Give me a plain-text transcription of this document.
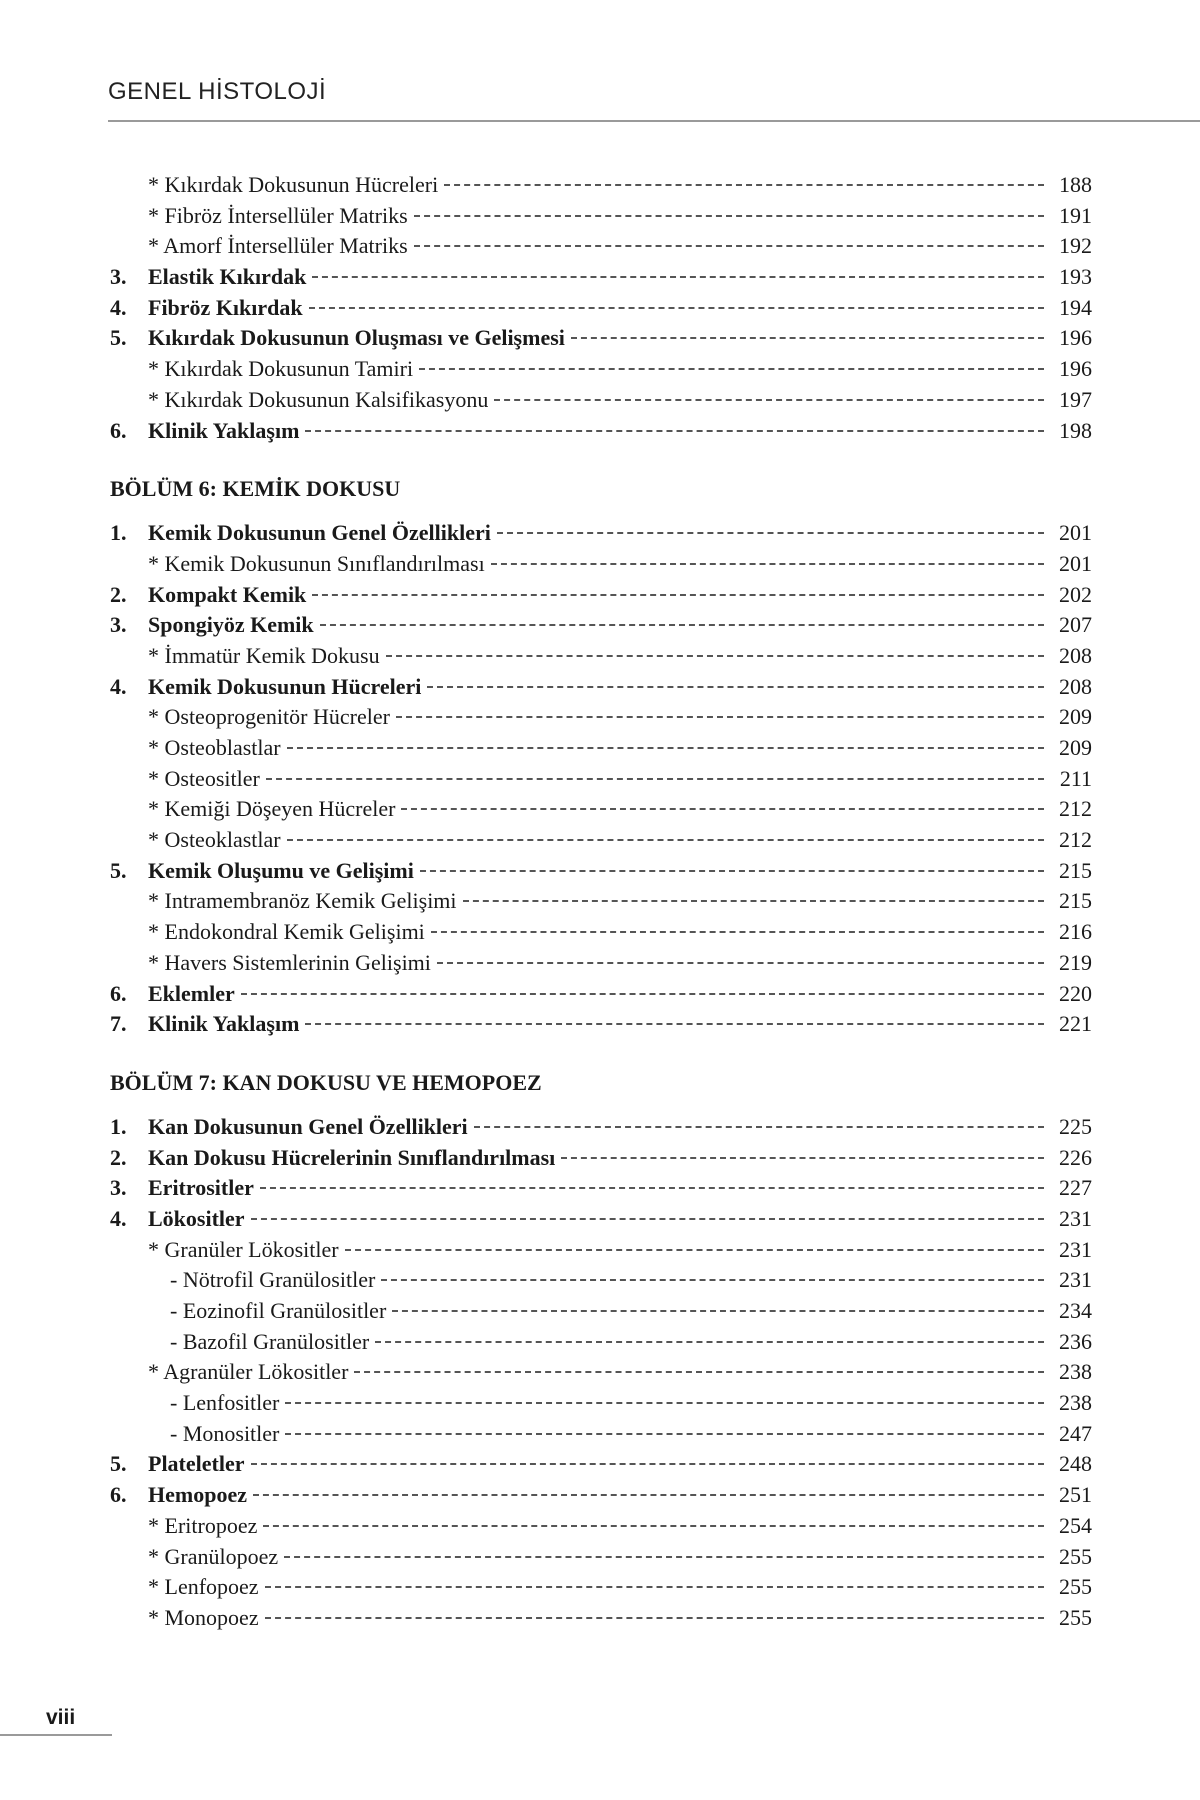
GENEL HİSTOLOJİ
* Kıkırdak Dokusunun Hücreleri	188
* Fibröz İntersellüler Matriks	191
* Amorf İntersellüler Matriks	192
3. Elastik Kıkırdak	193
4. Fibröz Kıkırdak	194
5. Kıkırdak Dokusunun Oluşması ve Gelişmesi	196
* Kıkırdak Dokusunun Tamiri	196
* Kıkırdak Dokusunun Kalsifikasyonu	197
6. Klinik Yaklaşım	198
BÖLÜM 6: KEMİK DOKUSU
1. Kemik Dokusunun Genel Özellikleri	201
* Kemik Dokusunun Sınıflandırılması	201
2. Kompakt Kemik	202
3. Spongiyöz Kemik	207
* İmmatür Kemik Dokusu	208
4. Kemik Dokusunun Hücreleri	208
* Osteoprogenitör Hücreler	209
* Osteoblastlar	209
* Osteositler	211
* Kemiği Döşeyen Hücreler	212
* Osteoklastlar	212
5. Kemik Oluşumu ve Gelişimi	215
* Intramembranöz Kemik Gelişimi	215
* Endokondral Kemik Gelişimi	216
* Havers Sistemlerinin Gelişimi	219
6. Eklemler	220
7. Klinik Yaklaşım	221
BÖLÜM 7: KAN DOKUSU VE HEMOPOEZ
1. Kan Dokusunun Genel Özellikleri	225
2. Kan Dokusu Hücrelerinin Sınıflandırılması	226
3. Eritrositler	227
4. Lökositler	231
* Granüler Lökositler	231
- Nötrofil Granülositler	231
- Eozinofil Granülositler	234
- Bazofil Granülositler	236
* Agranüler Lökositler	238
- Lenfositler	238
- Monositler	247
5. Plateletler	248
6. Hemopoez	251
* Eritropoez	254
* Granülopoez	255
* Lenfopoez	255
* Monopoez	255
viii
